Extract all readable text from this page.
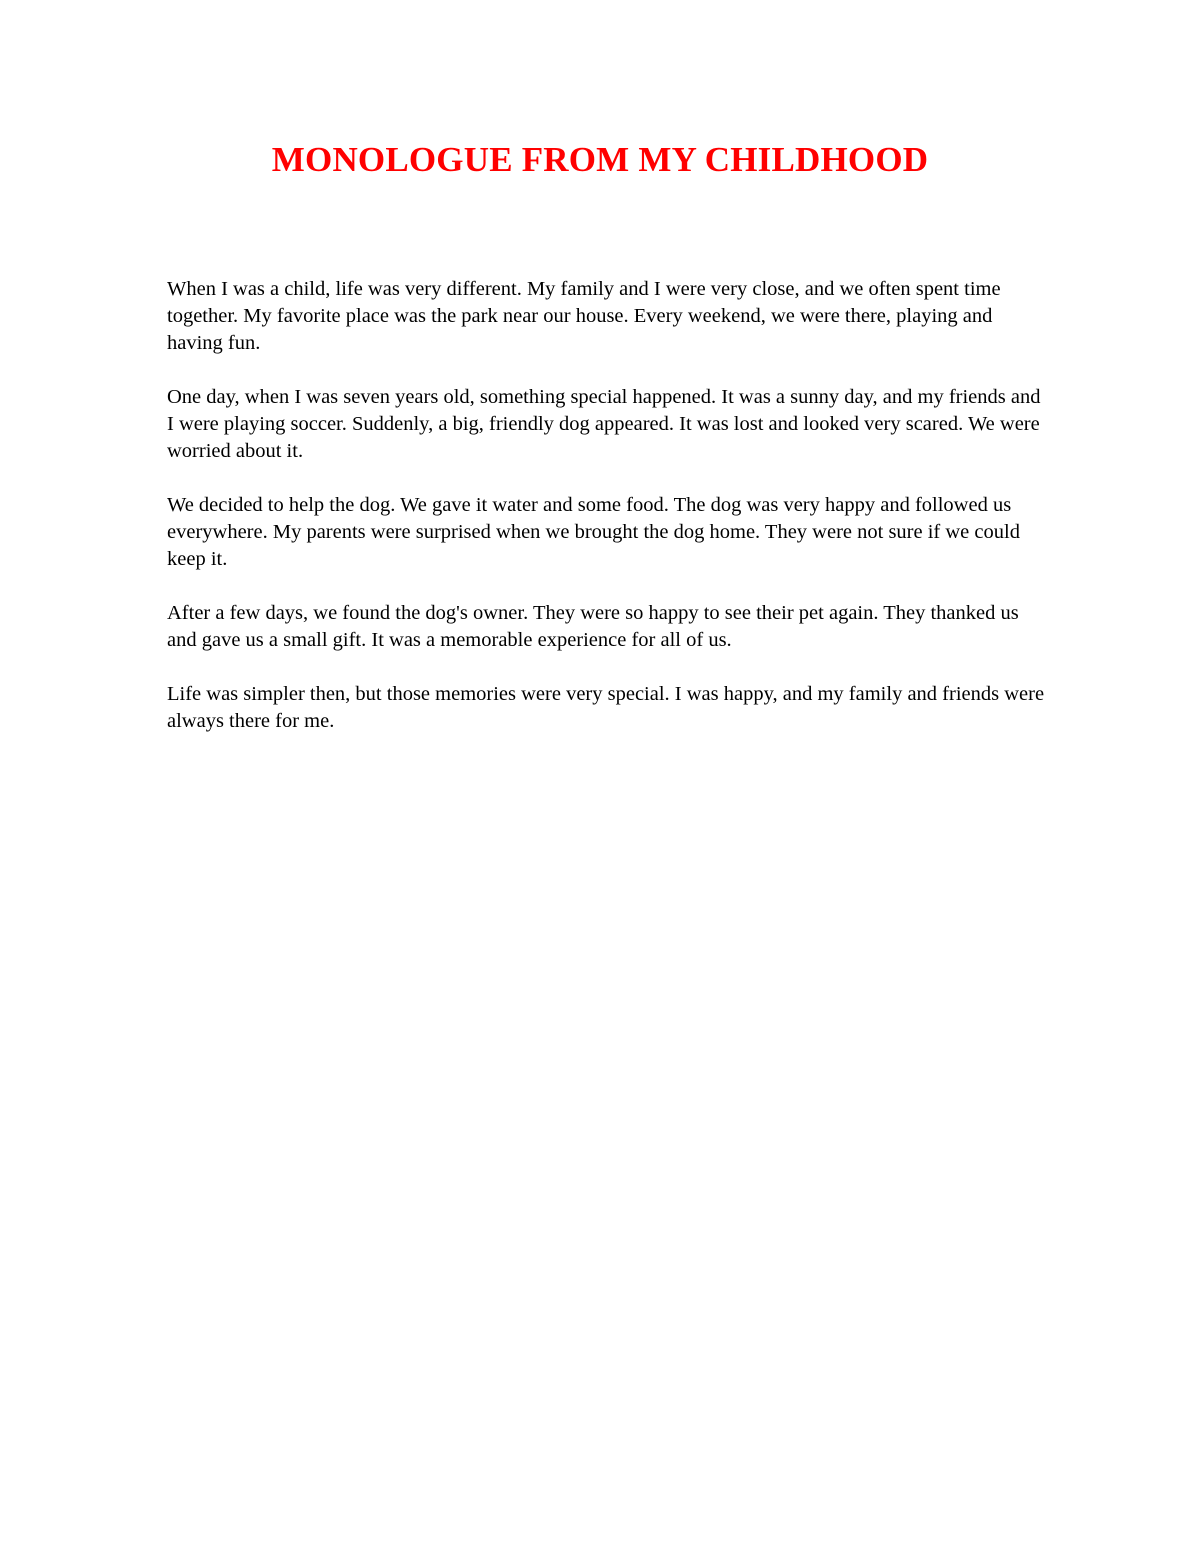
MONOLOGUE FROM MY CHILDHOOD

When I was a child, life was very different. My family and I were very close, and we often spent time together. My favorite place was the park near our house. Every weekend, we were there, playing and having fun.

One day, when I was seven years old, something special happened. It was a sunny day, and my friends and I were playing soccer. Suddenly, a big, friendly dog appeared. It was lost and looked very scared. We were worried about it.

We decided to help the dog. We gave it water and some food. The dog was very happy and followed us everywhere. My parents were surprised when we brought the dog home. They were not sure if we could keep it.

After a few days, we found the dog's owner. They were so happy to see their pet again. They thanked us and gave us a small gift. It was a memorable experience for all of us.

Life was simpler then, but those memories were very special. I was happy, and my family and friends were always there for me.
